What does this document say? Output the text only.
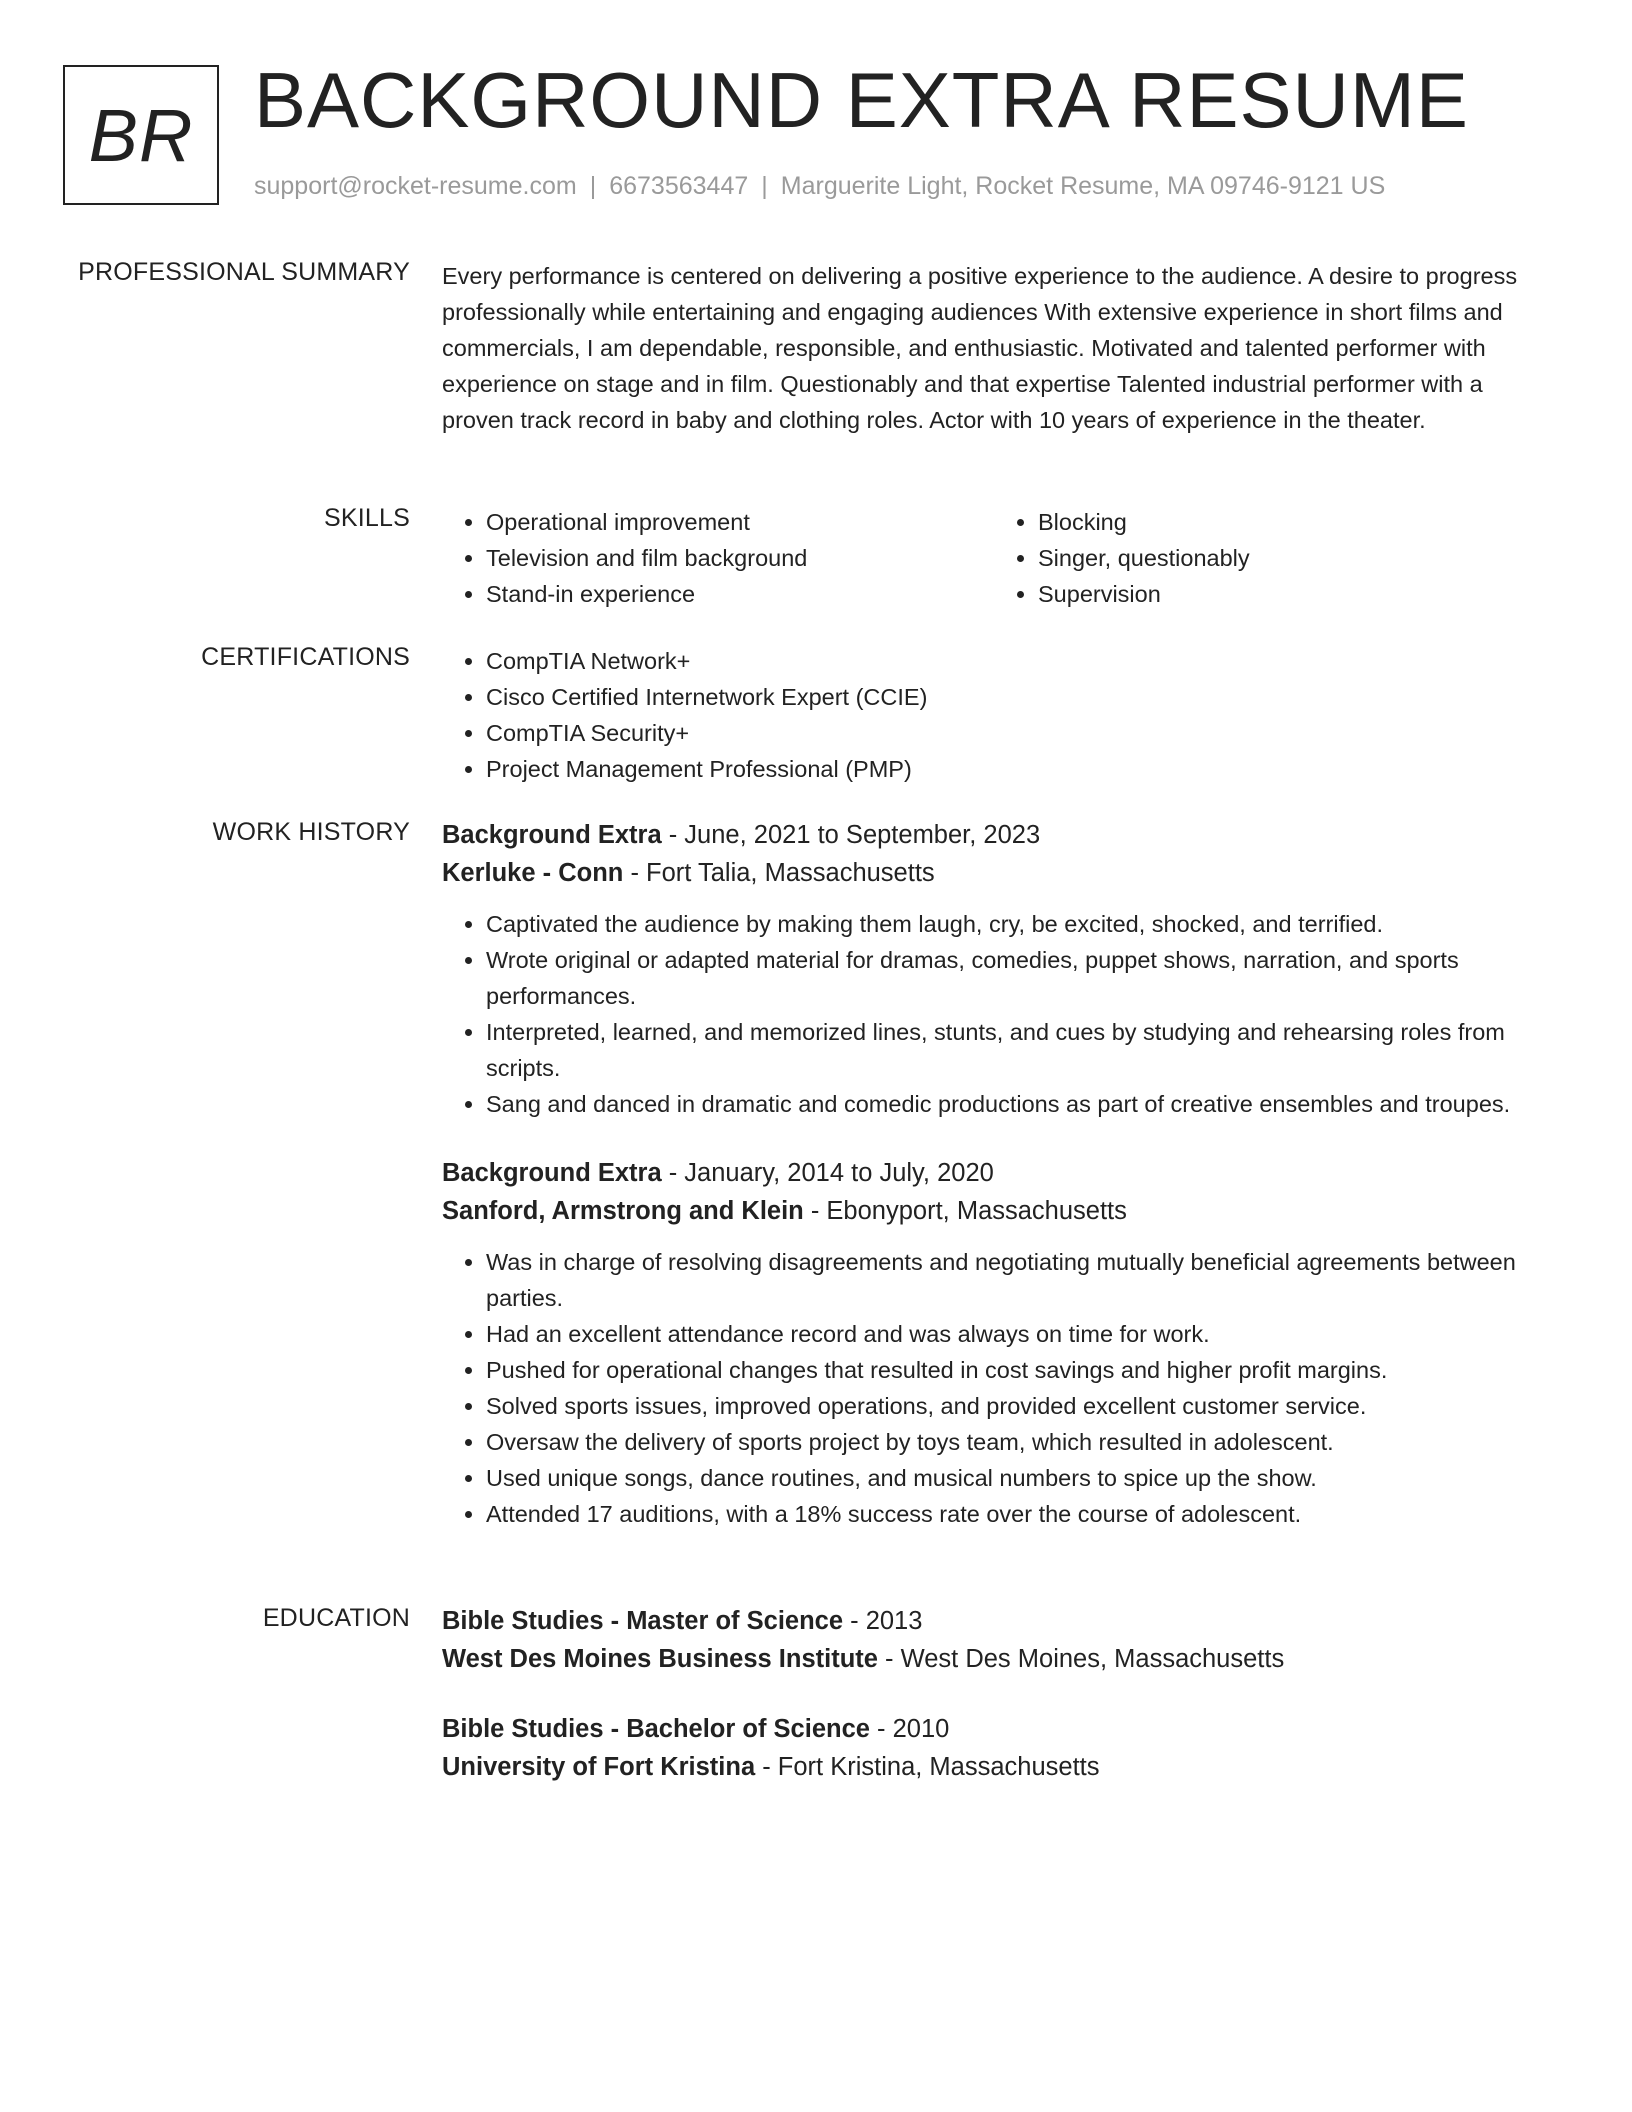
BR BACKGROUND EXTRA RESUME
support@rocket-resume.com | 6673563447 | Marguerite Light, Rocket Resume, MA 09746-9121 US
PROFESSIONAL SUMMARY Every performance is centered on delivering a positive experience to the audience. A desire to progress professionally while entertaining and engaging audiences With extensive experience in short films and commercials, I am dependable, responsible, and enthusiastic. Motivated and talented performer with experience on stage and in film. Questionably and that expertise Talented industrial performer with a proven track record in baby and clothing roles. Actor with 10 years of experience in the theater.

SKILLS	• Operational improvement
• Television and film background
• Stand-in experience
• Blocking
• Singer, questionably
• Supervision
CERTIFICATIONS	• CompTIA Network+
• Cisco Certified Internetwork Expert (CCIE)
• CompTIA Security+
• Project Management Professional (PMP)
WORK HISTORY Background Extra - June, 2021 to September, 2023
Kerluke - Conn - Fort Talia, Massachusetts
• Captivated the audience by making them laugh, cry, be excited, shocked, and terrified.
• Wrote original or adapted material for dramas, comedies, puppet shows, narration, and sports performances.
• Interpreted, learned, and memorized lines, stunts, and cues by studying and rehearsing roles from scripts.
• Sang and danced in dramatic and comedic productions as part of creative ensembles and troupes.
Background Extra - January, 2014 to July, 2020
Sanford, Armstrong and Klein - Ebonyport, Massachusetts
• Was in charge of resolving disagreements and negotiating mutually beneficial agreements between parties.
• Had an excellent attendance record and was always on time for work.
• Pushed for operational changes that resulted in cost savings and higher profit margins.
• Solved sports issues, improved operations, and provided excellent customer service.
• Oversaw the delivery of sports project by toys team, which resulted in adolescent.
• Used unique songs, dance routines, and musical numbers to spice up the show.
• Attended 17 auditions, with a 18% success rate over the course of adolescent.
EDUCATION Bible Studies - Master of Science - 2013
West Des Moines Business Institute - West Des Moines, Massachusetts
Bible Studies - Bachelor of Science - 2010
University of Fort Kristina - Fort Kristina, Massachusetts
